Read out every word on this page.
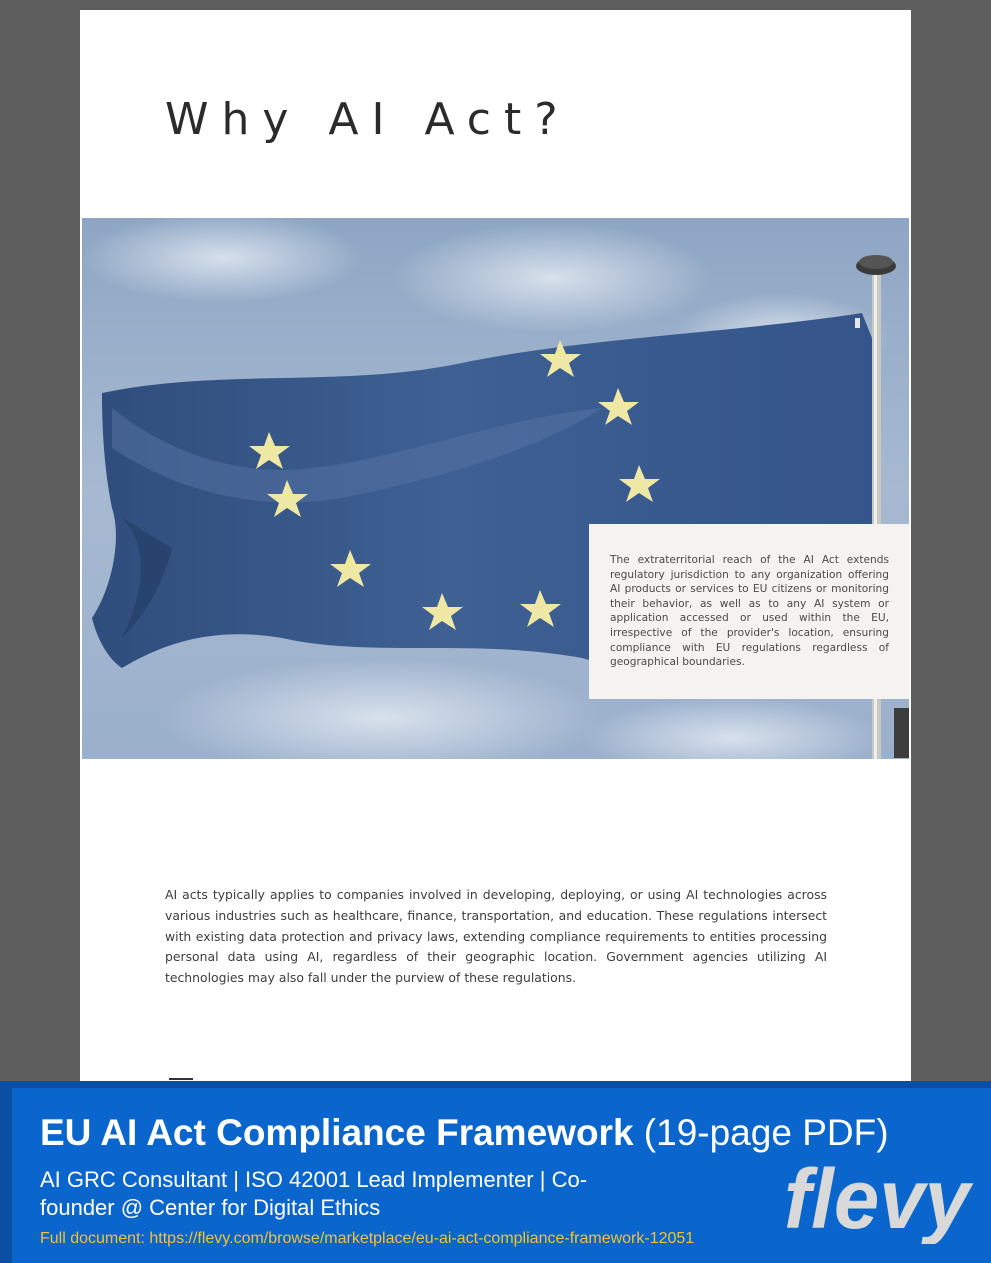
Why AI Act?

The extraterritorial reach of the AI Act extends regulatory jurisdiction to any organization offering AI products or services to EU citizens or monitoring their behavior, as well as to any AI system or application accessed or used within the EU, irrespective of the provider's location, ensuring compliance with EU regulations regardless of geographical boundaries.

AI acts typically applies to companies involved in developing, deploying, or using AI technologies across various industries such as healthcare, finance, transportation, and education. These regulations intersect with existing data protection and privacy laws, extending compliance requirements to entities processing personal data using AI, regardless of their geographic location. Government agencies utilizing AI technologies may also fall under the purview of these regulations.

EU AI Act Compliance Framework (19-page PDF)

AI GRC Consultant | ISO 42001 Lead Implementer | Co-founder @ Center for Digital Ethics

Full document: https://flevy.com/browse/marketplace/eu-ai-act-compliance-framework-12051 flevy
